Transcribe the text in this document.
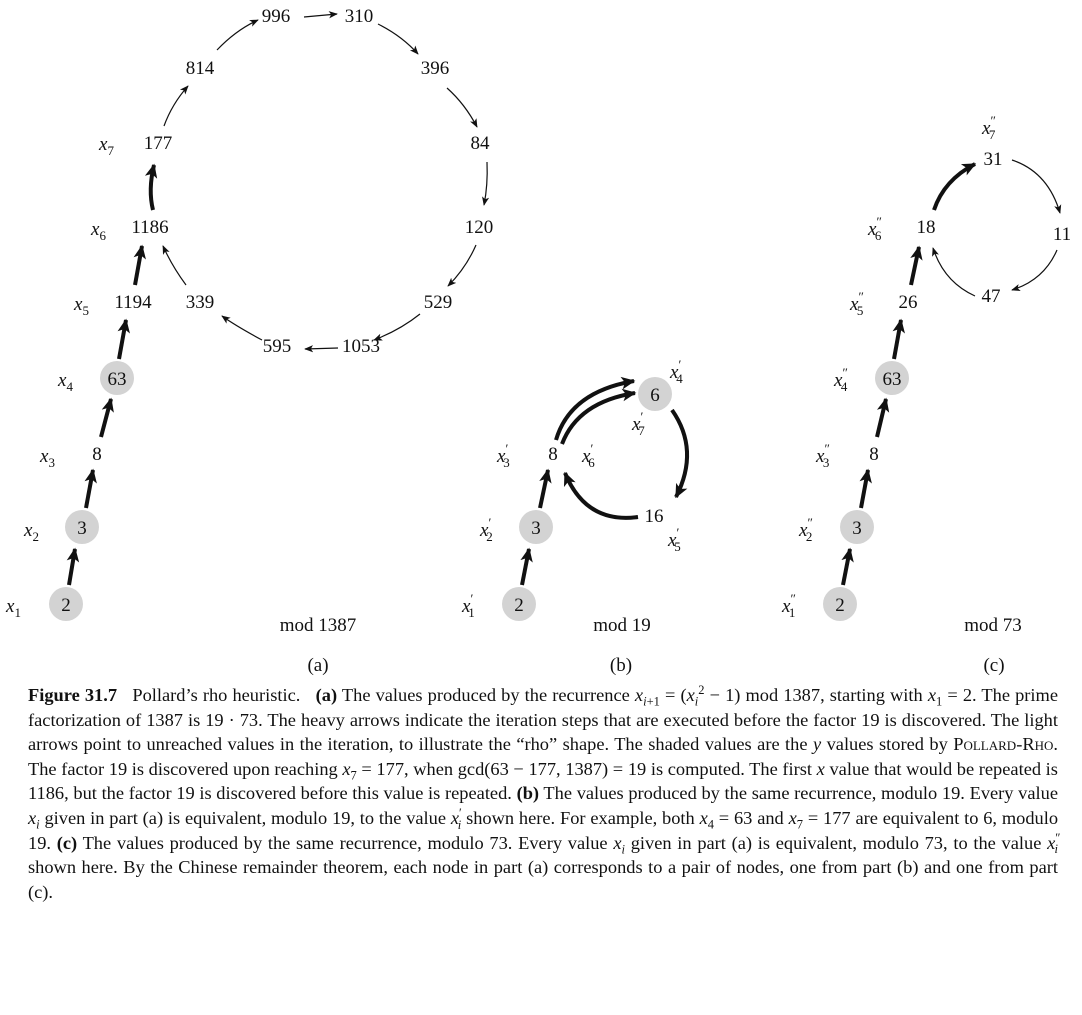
996	310
396
84
120
529
1053
595
339
1186
177
814
2
3
8
63
1194
$x_1$
$x_2$
$x_3$
$x_4$
$x_5$
$x_6$
$x_7$
mod 1387
(a)
2
3
8
6
16
x′ 1
x′ 2
x′ 3
x′ 4
x′ 5
x′ 6
x′ 7
mod 19
(b)
2
3
8
63
26
18
31
11
47
x″ 1
x″ 2
x″ 3
x″ 4
x″ 5
x″ 6
x″ 7
mod 73
(c)
Figure 31.7 Pollard’s rho heuristic. (a) The values produced by the recurrence $x_{i+1} = (x_i^2 - 1)$ mod 1387, starting with $x_1 = 2$. The prime factorization of 1387 is 19 · 73. The heavy arrows indicate the iteration steps that are executed before the factor 19 is discovered. The light arrows point to unreached values in the iteration, to illustrate the “rho” shape. The shaded values are the y values stored by Pollard-Rho. The factor 19 is discovered upon reaching $x_7 = 177$, when gcd(63 − 177, 1387) = 19 is computed. The first x value that would be repeated is 1186, but the factor 19 is discovered before this value is repeated. (b) The values produced by the same recurrence, modulo 19. Every value $x_i$ given in part (a) is equivalent, modulo 19, to the value $x'_i$ shown here. For example, both $x_4 = 63$ and $x_7 = 177$ are equivalent to 6, modulo 19. (c) The values produced by the same recurrence, modulo 73. Every value $x_i$ given in part (a) is equivalent, modulo 73, to the value $x''_i$ shown here. By the Chinese remainder theorem, each node in part (a) corresponds to a pair of nodes, one from part (b) and one from part (c).
